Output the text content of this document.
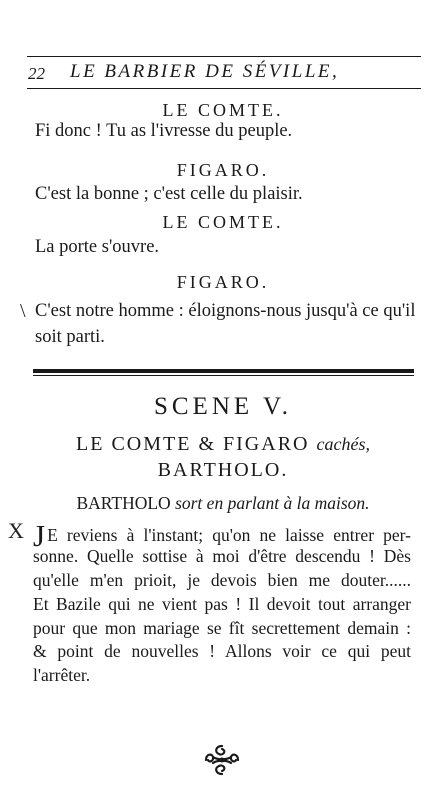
22 LE BARBIER DE SÉVILLE,
LE COMTE.
Fi donc ! Tu as l'ivresse du peuple.
FIGARO.
C'est la bonne ; c'est celle du plaisir.
LE COMTE.
La porte s'ouvre.
FIGARO.
\ C'est notre homme : éloignons-nous jusqu'à ce qu'il
soit parti.
SCENE V.
LE COMTE & FIGARO cachés,
BARTHOLO.
BARTHOLO sort en parlant à la maison.
X J E reviens à l'instant; qu'on ne laisse entrer per-
sonne. Quelle sottise à moi d'être descendu ! Dès
qu'elle m'en prioit, je devois bien me douter......
Et Bazile qui ne vient pas ! Il devoit tout arranger
pour que mon mariage se fît secrettement demain :
& point de nouvelles ! Allons voir ce qui peut
l'arrêter.
